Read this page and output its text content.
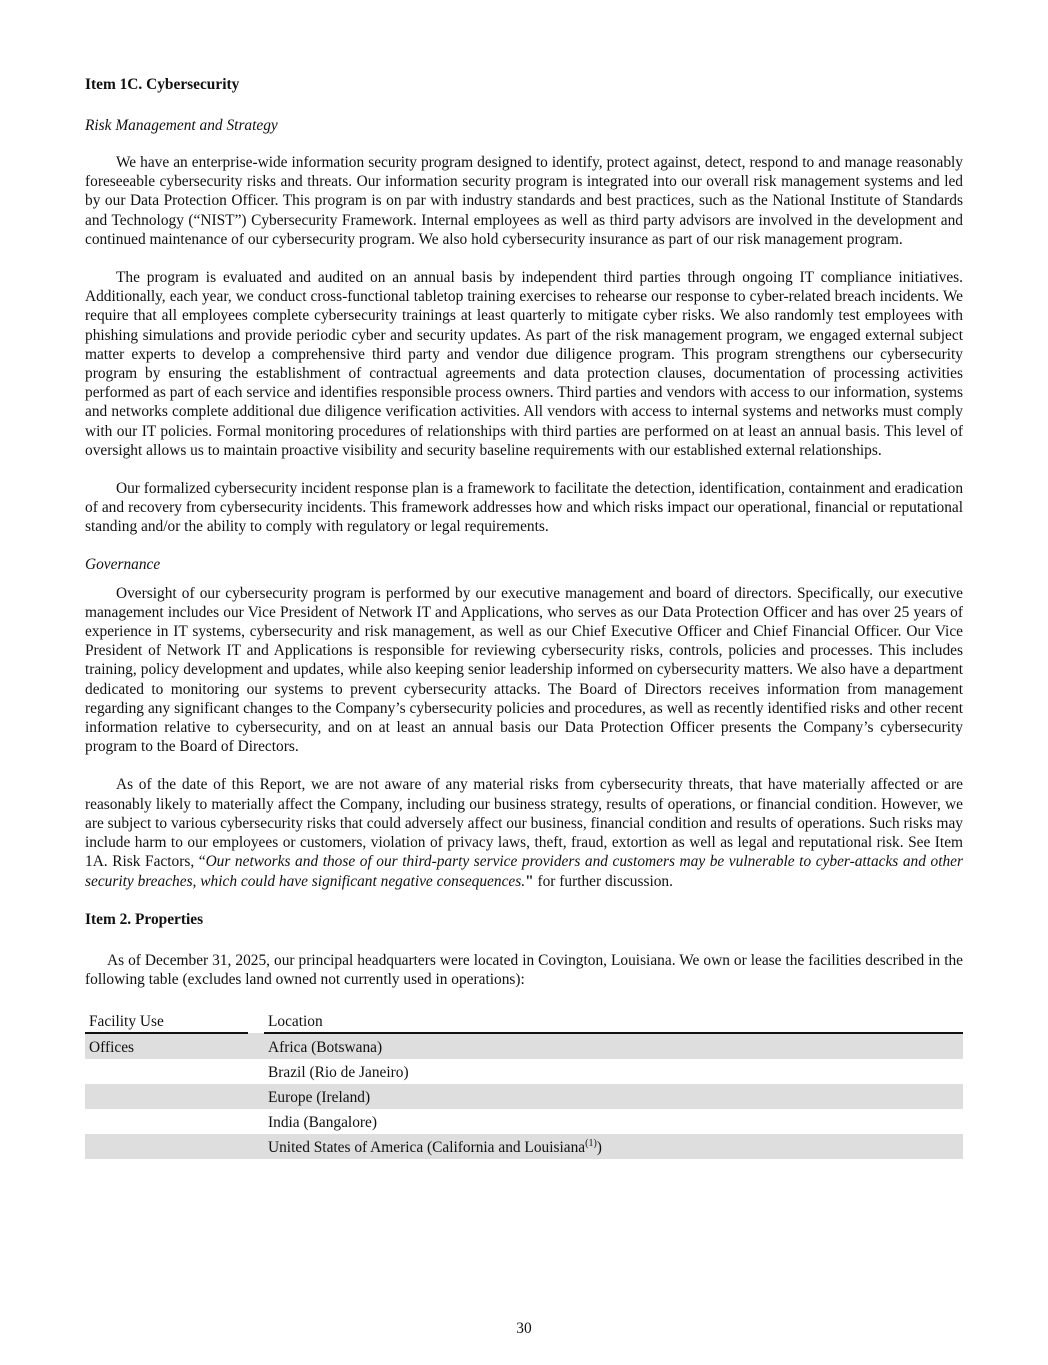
Item 1C. Cybersecurity
Risk Management and Strategy

We have an enterprise-wide information security program designed to identify, protect against, detect, respond to and manage reasonably foreseeable cybersecurity risks and threats. Our information security program is integrated into our overall risk management systems and led by our Data Protection Officer. This program is on par with industry standards and best practices, such as the National Institute of Standards and Technology (“NIST”) Cybersecurity Framework. Internal employees as well as third party advisors are involved in the development and continued maintenance of our cybersecurity program. We also hold cybersecurity insurance as part of our risk management program.

The program is evaluated and audited on an annual basis by independent third parties through ongoing IT compliance initiatives. Additionally, each year, we conduct cross-functional tabletop training exercises to rehearse our response to cyber-related breach incidents. We require that all employees complete cybersecurity trainings at least quarterly to mitigate cyber risks. We also randomly test employees with phishing simulations and provide periodic cyber and security updates. As part of the risk management program, we engaged external subject matter experts to develop a comprehensive third party and vendor due diligence program. This program strengthens our cybersecurity program by ensuring the establishment of contractual agreements and data protection clauses, documentation of processing activities performed as part of each service and identifies responsible process owners. Third parties and vendors with access to our information, systems and networks complete additional due diligence verification activities. All vendors with access to internal systems and networks must comply with our IT policies. Formal monitoring procedures of relationships with third parties are performed on at least an annual basis. This level of oversight allows us to maintain proactive visibility and security baseline requirements with our established external relationships.

Our formalized cybersecurity incident response plan is a framework to facilitate the detection, identification, containment and eradication of and recovery from cybersecurity incidents. This framework addresses how and which risks impact our operational, financial or reputational standing and/or the ability to comply with regulatory or legal requirements.

Governance

Oversight of our cybersecurity program is performed by our executive management and board of directors. Specifically, our executive management includes our Vice President of Network IT and Applications, who serves as our Data Protection Officer and has over 25 years of experience in IT systems, cybersecurity and risk management, as well as our Chief Executive Officer and Chief Financial Officer. Our Vice President of Network IT and Applications is responsible for reviewing cybersecurity risks, controls, policies and processes. This includes training, policy development and updates, while also keeping senior leadership informed on cybersecurity matters. We also have a department dedicated to monitoring our systems to prevent cybersecurity attacks. The Board of Directors receives information from management regarding any significant changes to the Company’s cybersecurity policies and procedures, as well as recently identified risks and other recent information relative to cybersecurity, and on at least an annual basis our Data Protection Officer presents the Company’s cybersecurity program to the Board of Directors.

As of the date of this Report, we are not aware of any material risks from cybersecurity threats, that have materially affected or are reasonably likely to materially affect the Company, including our business strategy, results of operations, or financial condition. However, we are subject to various cybersecurity risks that could adversely affect our business, financial condition and results of operations. Such risks may include harm to our employees or customers, violation of privacy laws, theft, fraud, extortion as well as legal and reputational risk. See Item 1A. Risk Factors, “Our networks and those of our third-party service providers and customers may be vulnerable to cyber-attacks and other security breaches, which could have significant negative consequences." for further discussion.

Item 2. Properties

As of December 31, 2025, our principal headquarters were located in Covington, Louisiana. We own or lease the facilities described in the following table (excludes land owned not currently used in operations):

Facility Use		Location
Offices		Africa (Botswana)
		Brazil (Rio de Janeiro)
		Europe (Ireland)
		India (Bangalore)
		United States of America (California and Louisiana$^{(1)}$)
30
